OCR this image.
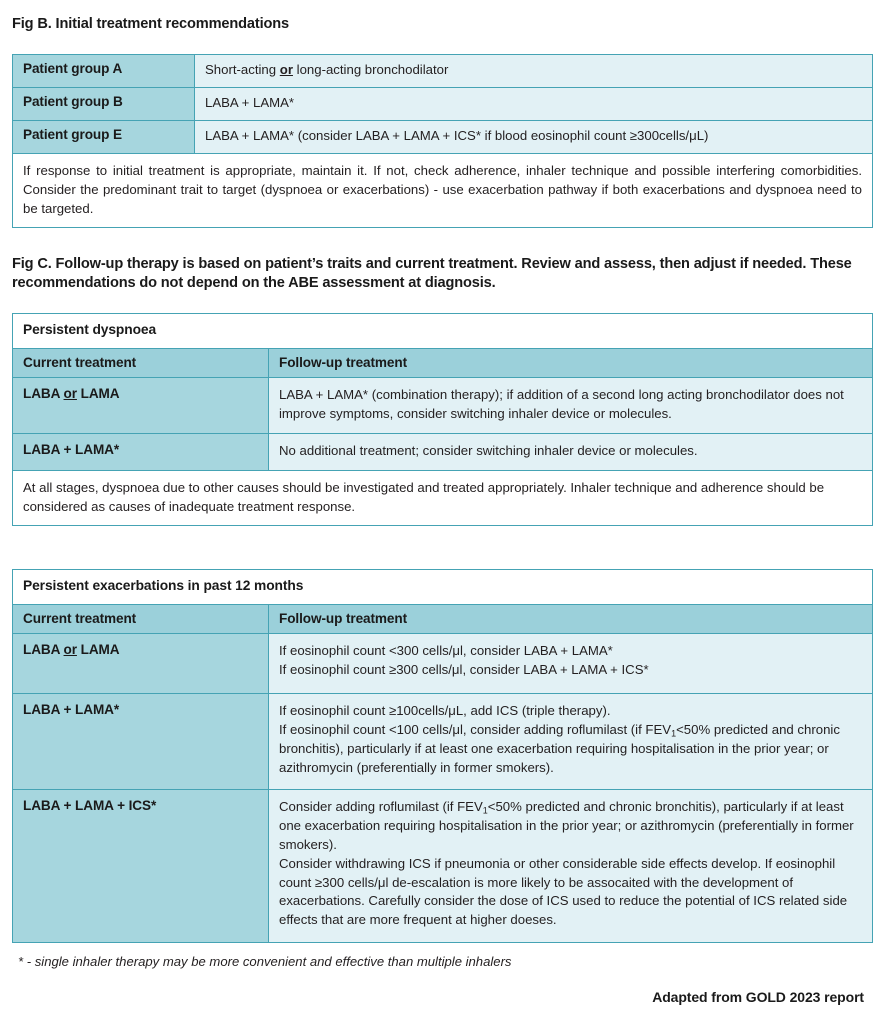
Fig B. Initial treatment recommendations
Patient group A	Short-acting or long-acting bronchodilator
Patient group B	LABA + LAMA*
Patient group E	LABA + LAMA* (consider LABA + LAMA + ICS* if blood eosinophil count ≥300cells/μL)
If response to initial treatment is appropriate, maintain it. If not, check adherence, inhaler technique and possible interfering comorbidities. Consider the predominant trait to target (dyspnoea or exacerbations) - use exacerbation pathway if both exacerbations and dyspnoea need to be targeted.	
Fig C. Follow-up therapy is based on patient’s traits and current treatment. Review and assess, then adjust if needed. These recommendations do not depend on the ABE assessment at diagnosis.
Persistent dyspnoea	
Current treatment	Follow-up treatment
LABA or LAMA	LABA + LAMA* (combination therapy); if addition of a second long acting bronchodilator does not improve symptoms, consider switching inhaler device or molecules.
LABA + LAMA*	No additional treatment; consider switching inhaler device or molecules.
At all stages, dyspnoea due to other causes should be investigated and treated appropriately. Inhaler technique and adherence should be considered as causes of inadequate treatment response.	
Persistent exacerbations in past 12 months	
Current treatment	Follow-up treatment
LABA or LAMA	If eosinophil count <300 cells/μl, consider LABA + LAMA*
If eosinophil count ≥300 cells/μl, consider LABA + LAMA + ICS*

LABA + LAMA*	If eosinophil count ≥100cells/μL, add ICS (triple therapy).
If eosinophil count <100 cells/μl, consider adding roflumilast (if $FEV_1<50\%$ predicted and chronic bronchitis), particularly if at least one exacerbation requiring hospitalisation in the prior year; or azithromycin (preferentially in former smokers).

LABA + LAMA + ICS*	Consider adding roflumilast (if $FEV_1<50\%$ predicted and chronic bronchitis), particularly if at least one exacerbation requiring hospitalisation in the prior year; or azithromycin (preferentially in former smokers).
Consider withdrawing ICS if pneumonia or other considerable side effects develop. If eosinophil count ≥300 cells/μl de-escalation is more likely to be assocaited with the development of exacerbations. Carefully consider the dose of ICS used to reduce the potential of ICS related side effects that are more frequent at higher doeses.
* - single inhaler therapy may be more convenient and effective than multiple inhalers
Adapted from GOLD 2023 report
